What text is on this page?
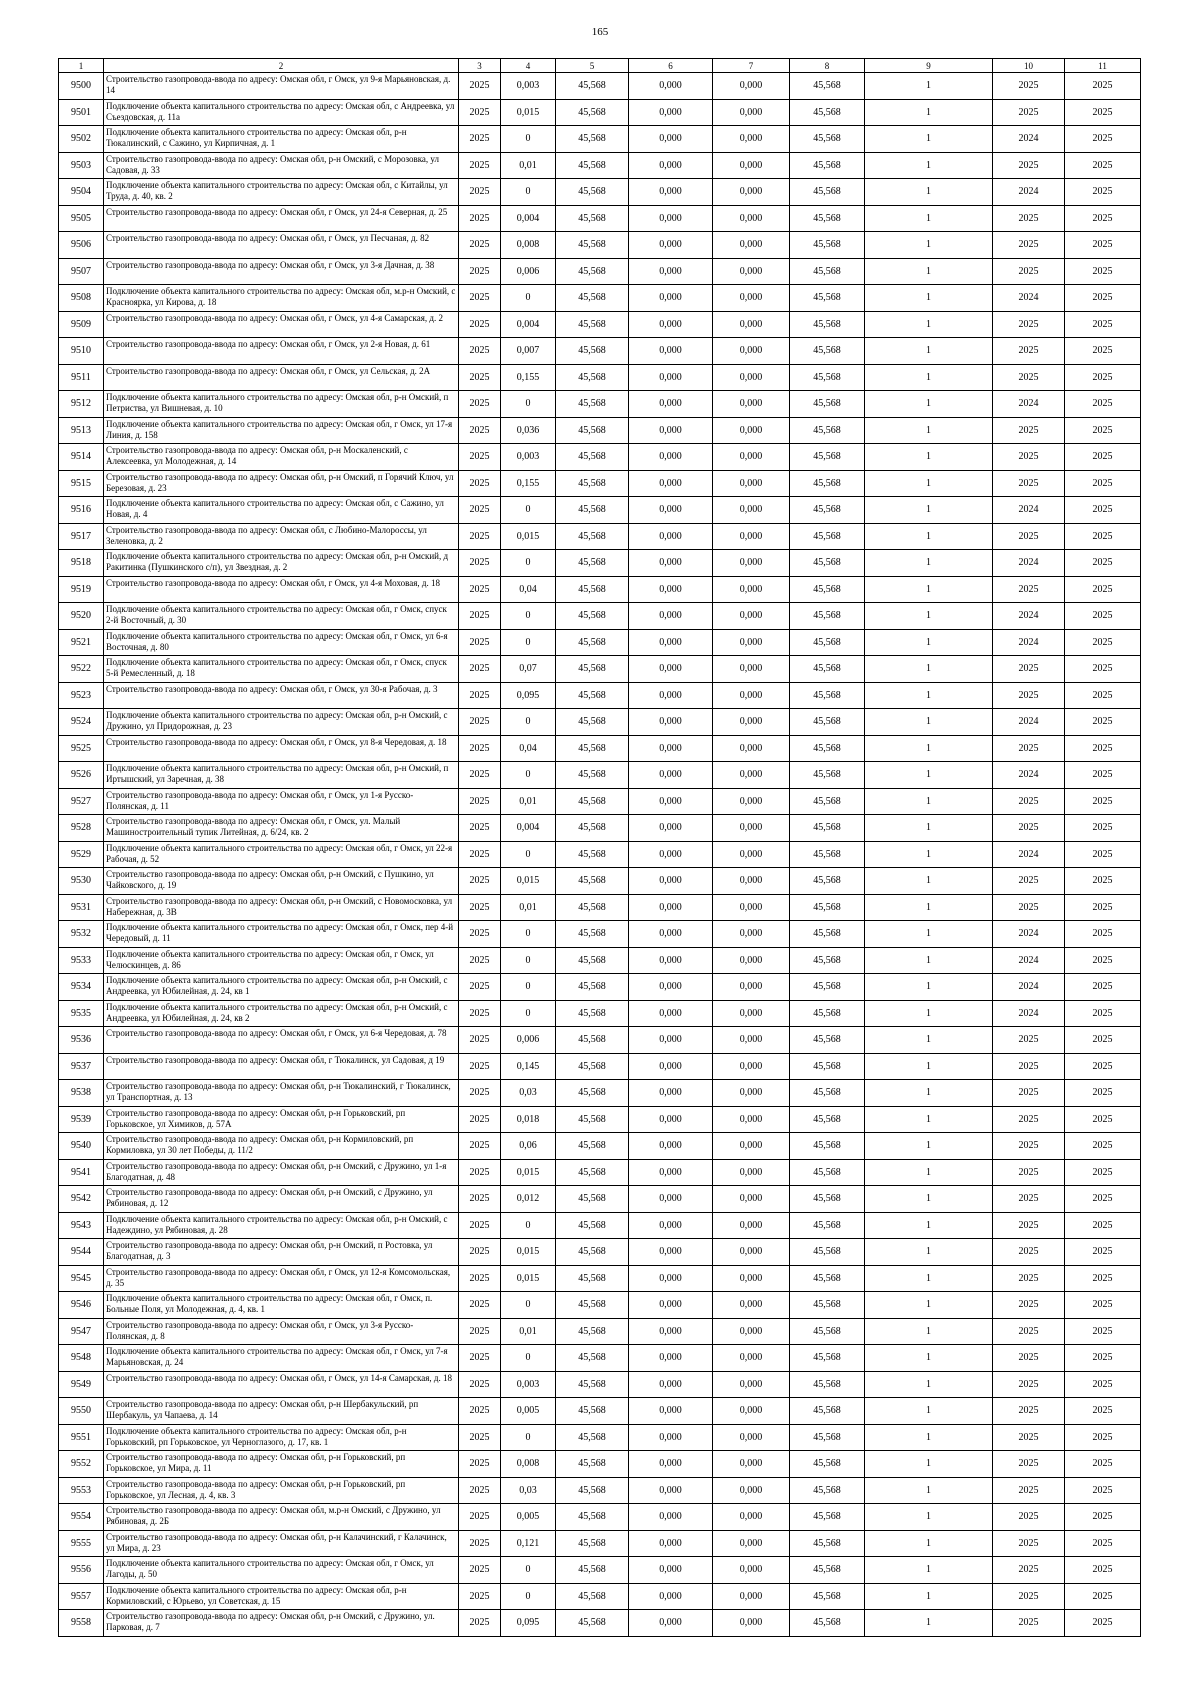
165
1	2	3	4	5	6	7	8	9	10	11
9500	Строительство газопровода-ввода по адресу: Омская обл, г Омск, ул 9-я Марьяновская, д. 14	2025	0,003	45,568	0,000	0,000	45,568	1	2025	2025
9501	Подключение объекта капитального строительства по адресу: Омская обл, с Андреевка, ул Съездовская, д. 11а	2025	0,015	45,568	0,000	0,000	45,568	1	2025	2025
9502	Подключение объекта капитального строительства по адресу: Омская обл, р-н Тюкалинский, с Сажино, ул Кирпичная, д. 1	2025	0	45,568	0,000	0,000	45,568	1	2024	2025
9503	Строительство газопровода-ввода по адресу: Омская обл, р-н Омский, с Морозовка, ул Садовая, д. 33	2025	0,01	45,568	0,000	0,000	45,568	1	2025	2025
9504	Подключение объекта капитального строительства по адресу: Омская обл, с Китайлы, ул Труда, д. 40, кв. 2	2025	0	45,568	0,000	0,000	45,568	1	2024	2025
9505	Строительство газопровода-ввода по адресу: Омская обл, г Омск, ул 24-я Северная, д. 25	2025	0,004	45,568	0,000	0,000	45,568	1	2025	2025
9506	Строительство газопровода-ввода по адресу: Омская обл, г Омск, ул Песчаная, д. 82	2025	0,008	45,568	0,000	0,000	45,568	1	2025	2025
9507	Строительство газопровода-ввода по адресу: Омская обл, г Омск, ул 3-я Дачная, д. 38	2025	0,006	45,568	0,000	0,000	45,568	1	2025	2025
9508	Подключение объекта капитального строительства по адресу: Омская обл, м.р-н Омский, с Красноярка, ул Кирова, д. 18	2025	0	45,568	0,000	0,000	45,568	1	2024	2025
9509	Строительство газопровода-ввода по адресу: Омская обл, г Омск, ул 4-я Самарская, д. 2	2025	0,004	45,568	0,000	0,000	45,568	1	2025	2025
9510	Строительство газопровода-ввода по адресу: Омская обл, г Омск, ул 2-я Новая, д. 61	2025	0,007	45,568	0,000	0,000	45,568	1	2025	2025
9511	Строительство газопровода-ввода по адресу: Омская обл, г Омск, ул Сельская, д. 2А	2025	0,155	45,568	0,000	0,000	45,568	1	2025	2025
9512	Подключение объекта капитального строительства по адресу: Омская обл, р-н Омский, п Петриства, ул Вишневая, д. 10	2025	0	45,568	0,000	0,000	45,568	1	2024	2025
9513	Подключение объекта капитального строительства по адресу: Омская обл, г Омск, ул 17-я Линия, д. 158	2025	0,036	45,568	0,000	0,000	45,568	1	2025	2025
9514	Строительство газопровода-ввода по адресу: Омская обл, р-н Москаленский, с Алексеевка, ул Молодежная, д. 14	2025	0,003	45,568	0,000	0,000	45,568	1	2025	2025
9515	Строительство газопровода-ввода по адресу: Омская обл, р-н Омский, п Горячий Ключ, ул Березовая, д. 23	2025	0,155	45,568	0,000	0,000	45,568	1	2025	2025
9516	Подключение объекта капитального строительства по адресу: Омская обл, с Сажино, ул Новая, д. 4	2025	0	45,568	0,000	0,000	45,568	1	2024	2025
9517	Строительство газопровода-ввода по адресу: Омская обл, с Любино-Малороссы, ул Зеленовка, д. 2	2025	0,015	45,568	0,000	0,000	45,568	1	2025	2025
9518	Подключение объекта капитального строительства по адресу: Омская обл, р-н Омский, д Ракитинка (Пушкинского с/п), ул Звездная, д. 2	2025	0	45,568	0,000	0,000	45,568	1	2024	2025
9519	Строительство газопровода-ввода по адресу: Омская обл, г Омск, ул 4-я Моховая, д. 18	2025	0,04	45,568	0,000	0,000	45,568	1	2025	2025
9520	Подключение объекта капитального строительства по адресу: Омская обл, г Омск, спуск 2-й Восточный, д. 30	2025	0	45,568	0,000	0,000	45,568	1	2024	2025
9521	Подключение объекта капитального строительства по адресу: Омская обл, г Омск, ул 6-я Восточная, д. 80	2025	0	45,568	0,000	0,000	45,568	1	2024	2025
9522	Подключение объекта капитального строительства по адресу: Омская обл, г Омск, спуск 5-й Ремесленный, д. 18	2025	0,07	45,568	0,000	0,000	45,568	1	2025	2025
9523	Строительство газопровода-ввода по адресу: Омская обл, г Омск, ул 30-я Рабочая, д. 3	2025	0,095	45,568	0,000	0,000	45,568	1	2025	2025
9524	Подключение объекта капитального строительства по адресу: Омская обл, р-н Омский, с Дружино, ул Придорожная, д. 23	2025	0	45,568	0,000	0,000	45,568	1	2024	2025
9525	Строительство газопровода-ввода по адресу: Омская обл, г Омск, ул 8-я Чередовая, д. 18	2025	0,04	45,568	0,000	0,000	45,568	1	2025	2025
9526	Подключение объекта капитального строительства по адресу: Омская обл, р-н Омский, п Иртышский, ул Заречная, д. 38	2025	0	45,568	0,000	0,000	45,568	1	2024	2025
9527	Строительство газопровода-ввода по адресу: Омская обл, г Омск, ул 1-я Русско-Полянская, д. 11	2025	0,01	45,568	0,000	0,000	45,568	1	2025	2025
9528	Строительство газопровода-ввода по адресу: Омская обл, г Омск, ул. Малый Машиностроительный тупик Литейная, д. 6/24, кв. 2	2025	0,004	45,568	0,000	0,000	45,568	1	2025	2025
9529	Подключение объекта капитального строительства по адресу: Омская обл, г Омск, ул 22-я Рабочая, д. 52	2025	0	45,568	0,000	0,000	45,568	1	2024	2025
9530	Строительство газопровода-ввода по адресу: Омская обл, р-н Омский, с Пушкино, ул Чайковского, д. 19	2025	0,015	45,568	0,000	0,000	45,568	1	2025	2025
9531	Строительство газопровода-ввода по адресу: Омская обл, р-н Омский, с Новомосковка, ул Набережная, д. 3В	2025	0,01	45,568	0,000	0,000	45,568	1	2025	2025
9532	Подключение объекта капитального строительства по адресу: Омская обл, г Омск, пер 4-й Чередовый, д. 11	2025	0	45,568	0,000	0,000	45,568	1	2024	2025
9533	Подключение объекта капитального строительства по адресу: Омская обл, г Омск, ул Челюскинцев, д. 86	2025	0	45,568	0,000	0,000	45,568	1	2024	2025
9534	Подключение объекта капитального строительства по адресу: Омская обл, р-н Омский, с Андреевка, ул Юбилейная, д. 24, кв 1	2025	0	45,568	0,000	0,000	45,568	1	2024	2025
9535	Подключение объекта капитального строительства по адресу: Омская обл, р-н Омский, с Андреевка, ул Юбилейная, д. 24, кв 2	2025	0	45,568	0,000	0,000	45,568	1	2024	2025
9536	Строительство газопровода-ввода по адресу: Омская обл, г Омск, ул 6-я Чередовая, д. 78	2025	0,006	45,568	0,000	0,000	45,568	1	2025	2025
9537	Строительство газопровода-ввода по адресу: Омская обл, г Тюкалинск, ул Садовая, д 19	2025	0,145	45,568	0,000	0,000	45,568	1	2025	2025
9538	Строительство газопровода-ввода по адресу: Омская обл, р-н Тюкалинский, г Тюкалинск, ул Транспортная, д. 13	2025	0,03	45,568	0,000	0,000	45,568	1	2025	2025
9539	Строительство газопровода-ввода по адресу: Омская обл, р-н Горьковский, рп Горьковское, ул Химиков, д. 57А	2025	0,018	45,568	0,000	0,000	45,568	1	2025	2025
9540	Строительство газопровода-ввода по адресу: Омская обл, р-н Кормиловский, рп Кормиловка, ул 30 лет Победы, д. 11/2	2025	0,06	45,568	0,000	0,000	45,568	1	2025	2025
9541	Строительство газопровода-ввода по адресу: Омская обл, р-н Омский, с Дружино, ул 1-я Благодатная, д. 48	2025	0,015	45,568	0,000	0,000	45,568	1	2025	2025
9542	Строительство газопровода-ввода по адресу: Омская обл, р-н Омский, с Дружино, ул Рябиновая, д. 12	2025	0,012	45,568	0,000	0,000	45,568	1	2025	2025
9543	Подключение объекта капитального строительства по адресу: Омская обл, р-н Омский, с Надеждино, ул Рябиновая, д. 28	2025	0	45,568	0,000	0,000	45,568	1	2025	2025
9544	Строительство газопровода-ввода по адресу: Омская обл, р-н Омский, п Ростовка, ул Благодатная, д. 3	2025	0,015	45,568	0,000	0,000	45,568	1	2025	2025
9545	Строительство газопровода-ввода по адресу: Омская обл, г Омск, ул 12-я Комсомольская, д. 35	2025	0,015	45,568	0,000	0,000	45,568	1	2025	2025
9546	Подключение объекта капитального строительства по адресу: Омская обл, г Омск, п. Больные Поля, ул Молодежная, д. 4, кв. 1	2025	0	45,568	0,000	0,000	45,568	1	2025	2025
9547	Строительство газопровода-ввода по адресу: Омская обл, г Омск, ул 3-я Русско-Полянская, д. 8	2025	0,01	45,568	0,000	0,000	45,568	1	2025	2025
9548	Подключение объекта капитального строительства по адресу: Омская обл, г Омск, ул 7-я Марьяновская, д. 24	2025	0	45,568	0,000	0,000	45,568	1	2025	2025
9549	Строительство газопровода-ввода по адресу: Омская обл, г Омск, ул 14-я Самарская, д. 18	2025	0,003	45,568	0,000	0,000	45,568	1	2025	2025
9550	Строительство газопровода-ввода по адресу: Омская обл, р-н Шербакульский, рп Шербакуль, ул Чапаева, д. 14	2025	0,005	45,568	0,000	0,000	45,568	1	2025	2025
9551	Подключение объекта капитального строительства по адресу: Омская обл, р-н Горьковский, рп Горьковское, ул Черноглазого, д. 17, кв. 1	2025	0	45,568	0,000	0,000	45,568	1	2025	2025
9552	Строительство газопровода-ввода по адресу: Омская обл, р-н Горьковский, рп Горьковское, ул Мира, д. 11	2025	0,008	45,568	0,000	0,000	45,568	1	2025	2025
9553	Строительство газопровода-ввода по адресу: Омская обл, р-н Горьковский, рп Горьковское, ул Лесная, д. 4, кв. 3	2025	0,03	45,568	0,000	0,000	45,568	1	2025	2025
9554	Строительство газопровода-ввода по адресу: Омская обл, м.р-н Омский, с Дружино, ул Рябиновая, д. 2Б	2025	0,005	45,568	0,000	0,000	45,568	1	2025	2025
9555	Строительство газопровода-ввода по адресу: Омская обл, р-н Калачинский, г Калачинск, ул Мира, д. 23	2025	0,121	45,568	0,000	0,000	45,568	1	2025	2025
9556	Подключение объекта капитального строительства по адресу: Омская обл, г Омск, ул Лагоды, д. 50	2025	0	45,568	0,000	0,000	45,568	1	2025	2025
9557	Подключение объекта капитального строительства по адресу: Омская обл, р-н Кормиловский, с Юрьево, ул Советская, д. 15	2025	0	45,568	0,000	0,000	45,568	1	2025	2025
9558	Строительство газопровода-ввода по адресу: Омская обл, р-н Омский, с Дружино, ул. Парковая, д. 7	2025	0,095	45,568	0,000	0,000	45,568	1	2025	2025
